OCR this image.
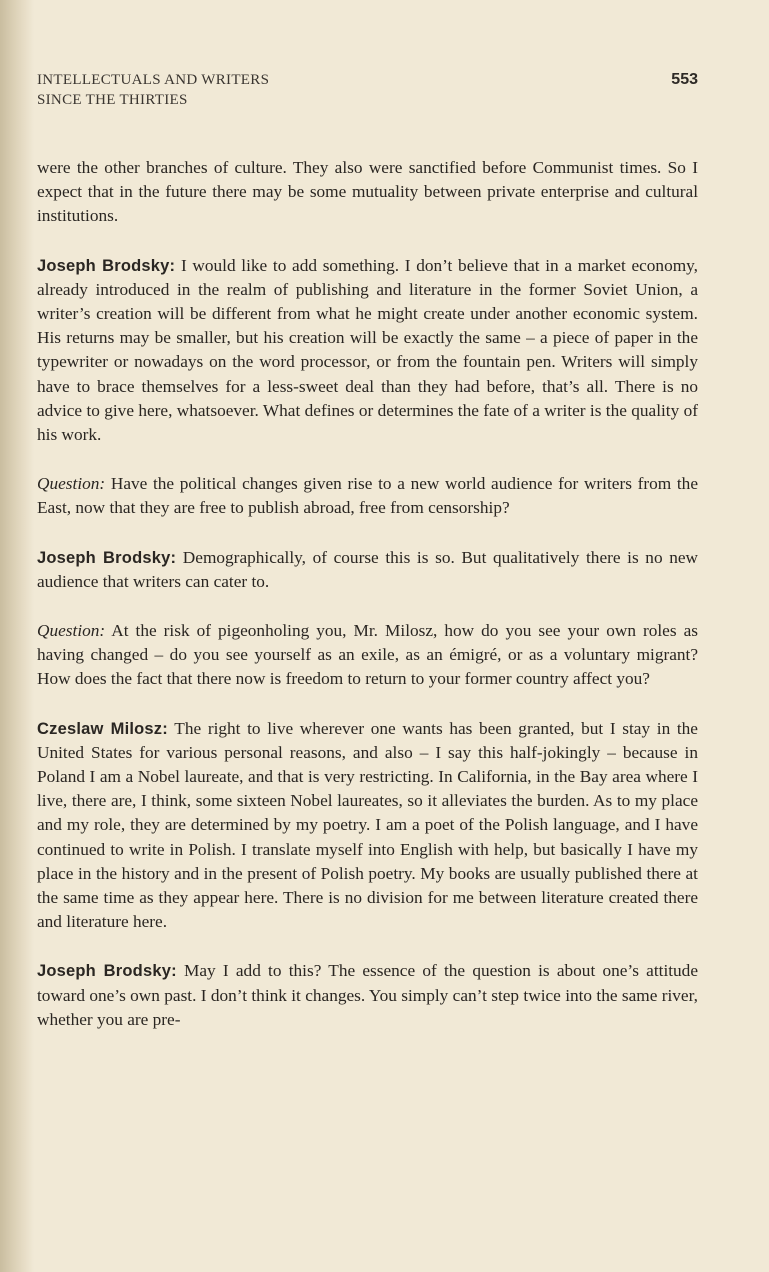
INTELLECTUALS AND WRITERS
SINCE THE THIRTIES
553

were the other branches of culture. They also were sanctified before Communist times. So I expect that in the future there may be some mutuality between private enterprise and cultural institutions.

Joseph Brodsky: I would like to add something. I don’t believe that in a market economy, already introduced in the realm of publishing and literature in the former Soviet Union, a writer’s creation will be different from what he might create under another economic system. His returns may be smaller, but his creation will be exactly the same – a piece of paper in the typewriter or nowadays on the word processor, or from the fountain pen. Writers will simply have to brace themselves for a less-sweet deal than they had before, that’s all. There is no advice to give here, whatsoever. What defines or determines the fate of a writer is the quality of his work.

Question: Have the political changes given rise to a new world audience for writers from the East, now that they are free to publish abroad, free from censorship?

Joseph Brodsky: Demographically, of course this is so. But qualitatively there is no new audience that writers can cater to.

Question: At the risk of pigeonholing you, Mr. Milosz, how do you see your own roles as having changed – do you see yourself as an exile, as an émigré, or as a voluntary migrant? How does the fact that there now is freedom to return to your former country affect you?

Czeslaw Milosz: The right to live wherever one wants has been granted, but I stay in the United States for various personal reasons, and also – I say this half-jokingly – because in Poland I am a Nobel laureate, and that is very restricting. In California, in the Bay area where I live, there are, I think, some sixteen Nobel laureates, so it alleviates the burden. As to my place and my role, they are determined by my poetry. I am a poet of the Polish language, and I have continued to write in Polish. I translate myself into English with help, but basically I have my place in the history and in the present of Polish poetry. My books are usually published there at the same time as they appear here. There is no division for me between literature created there and literature here.

Joseph Brodsky: May I add to this? The essence of the question is about one’s attitude toward one’s own past. I don’t think it changes. You simply can’t step twice into the same river, whether you are pre-
